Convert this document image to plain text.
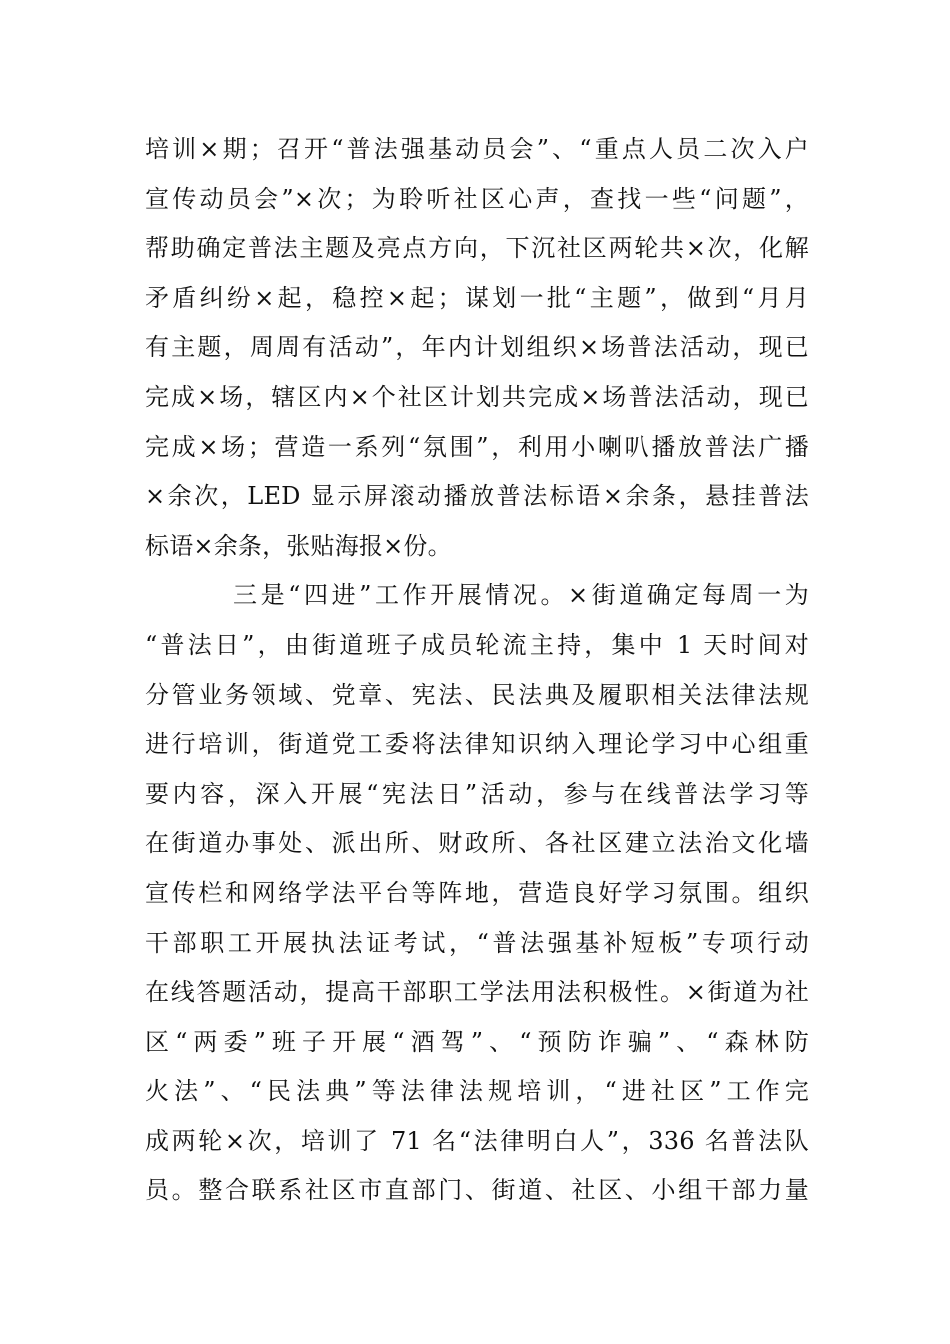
培训×期；召开“普法强基动员会”、“重点人员二次入户
宣传动员会”×次；为聆听社区心声，查找一些“问题”，
帮助确定普法主题及亮点方向，下沉社区两轮共×次，化解
矛盾纠纷×起，稳控×起；谋划一批“主题”，做到“月月
有主题，周周有活动”，年内计划组织×场普法活动，现已
完成×场，辖区内×个社区计划共完成×场普法活动，现已
完成×场；营造一系列“氛围”，利用小喇叭播放普法广播
×余次，LED 显示屏滚动播放普法标语×余条，悬挂普法
标语×余条，张贴海报×份。
三是“四进”工作开展情况。×街道确定每周一为
“普法日”，由街道班子成员轮流主持，集中 1 天时间对
分管业务领域、党章、宪法、民法典及履职相关法律法规
进行培训，街道党工委将法律知识纳入理论学习中心组重
要内容，深入开展“宪法日”活动，参与在线普法学习等
在街道办事处、派出所、财政所、各社区建立法治文化墙
宣传栏和网络学法平台等阵地，营造良好学习氛围。组织
干部职工开展执法证考试，“普法强基补短板”专项行动
在线答题活动，提高干部职工学法用法积极性。×街道为社
区“两委”班子开展“酒驾”、“预防诈骗”、“森林防
火法”、“民法典”等法律法规培训，“进社区”工作完
成两轮×次，培训了 71 名“法律明白人”，336 名普法队
员。整合联系社区市直部门、街道、社区、小组干部力量
